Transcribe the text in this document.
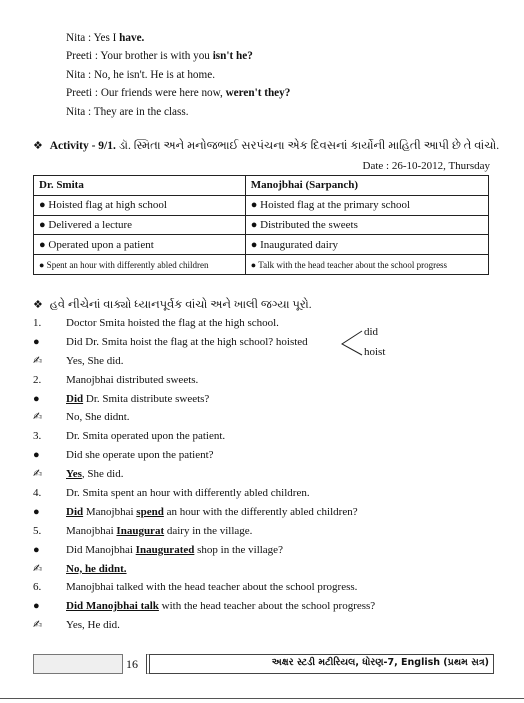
Nita : Yes I have.
Preeti : Your brother is with you isn't he?
Nita : No, he isn't. He is at home.
Preeti : Our friends were here now, weren't they?
Nita : They are in the class.
❖ Activity - 9/1. ડૉ. સ્મિતા અને મનોજભાઈ સરપંચના એક દિવસનાં કાર્યોની માહિતી આપી છે તે વાંચો.
Date : 26-10-2012, Thursday
Dr. Smita	Manojbhai (Sarpanch)
● Hoisted flag at high school	● Hoisted flag at the primary school
● Delivered a lecture	● Distributed the sweets
● Operated upon a patient	● Inaugurated dairy
● Spent an hour with differently abled children	● Talk with the head teacher about the school progress
❖ હવે નીચેનાં વાક્યો ધ્યાનપૂર્વક વાંચો અને ખાલી જગ્યા પૂરો.
did
hoist
1.	Doctor Smita hoisted the flag at the high school.
●	Did Dr. Smita hoist the flag at the high school? hoisted
✍	Yes, She did.
2.	Manojbhai distributed sweets.
●	Did Dr. Smita distribute sweets?
✍	No, She didnt.
3.	Dr. Smita operated upon the patient.
●	Did she operate upon the patient?
✍	Yes, She did.
4.	Dr. Smita spent an hour with differently abled children.
●	Did Manojbhai spend an hour with the differently abled children?
5.	Manojbhai Inaugurat dairy in the village.
●	Did Manojbhai Inaugurated shop in the village?
✍	No, he didnt.
6.	Manojbhai talked with the head teacher about the school progress.
●	Did Manojbhai talk with the head teacher about the school progress?
✍	Yes, He did.
16	અક્ષર સ્ટડી મટીરિયલ, ધોરણ-7, English (પ્રથમ સત્ર)
